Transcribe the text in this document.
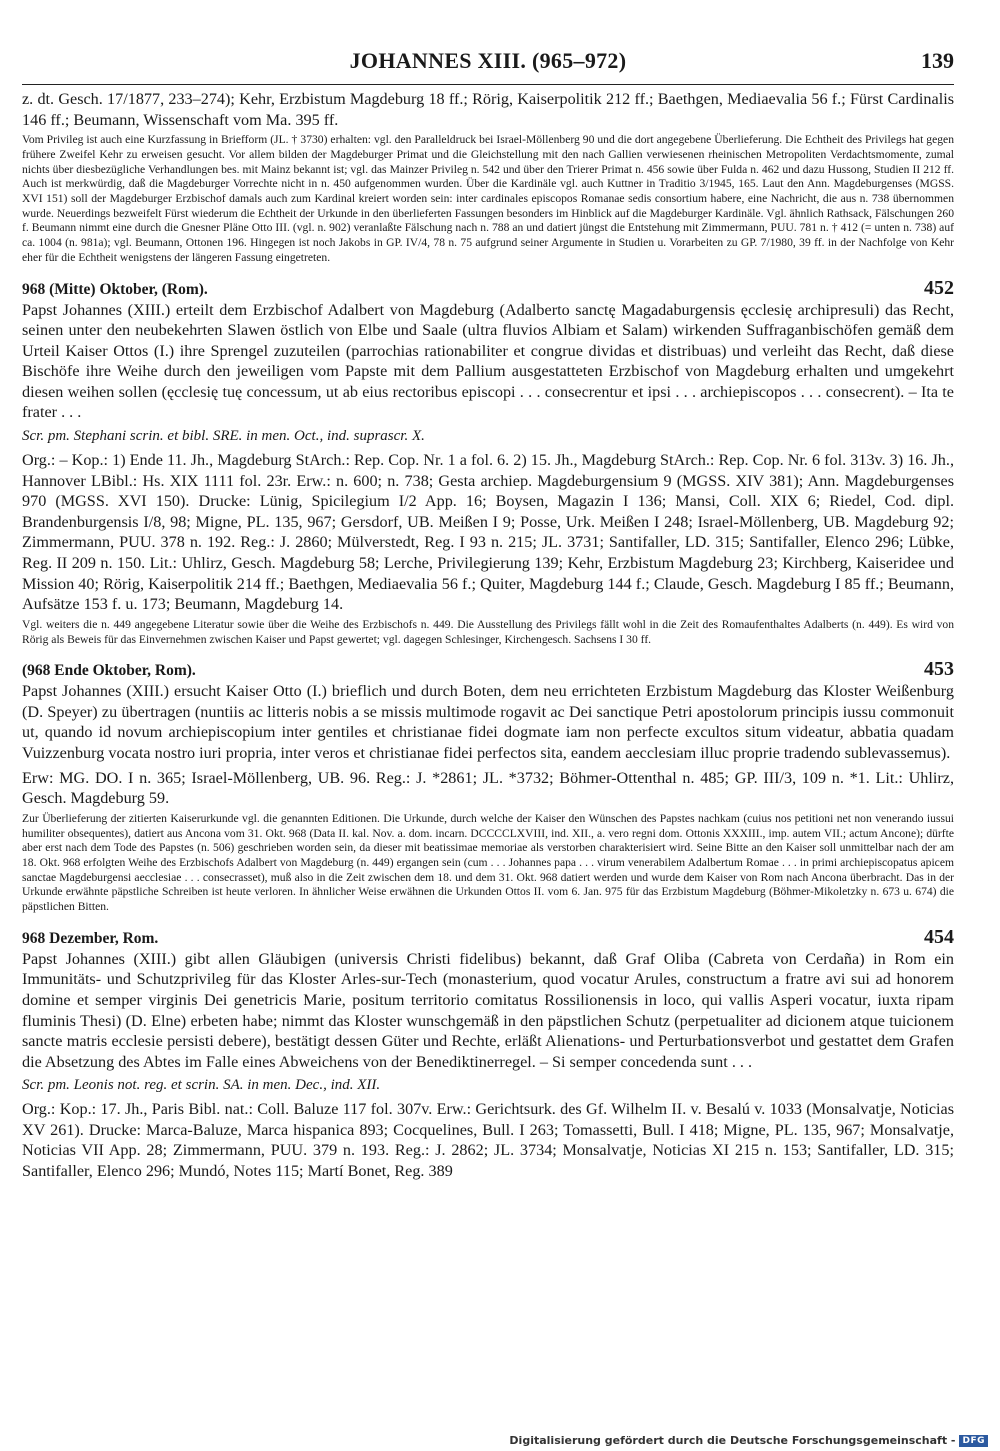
JOHANNES XIII. (965–972)	139

z. dt. Gesch. 17/1877, 233–274); Kehr, Erzbistum Magdeburg 18 ff.; Rörig, Kaiserpolitik 212 ff.; Baethgen, Mediaevalia 56 f.; Fürst Cardinalis 146 ff.; Beumann, Wissenschaft vom Ma. 395 ff.

Vom Privileg ist auch eine Kurzfassung in Briefform (JL. † 3730) erhalten: vgl. den Paralleldruck bei Israel-Möllenberg 90 und die dort angegebene Überlieferung. Die Echtheit des Privilegs hat gegen frühere Zweifel Kehr zu erweisen gesucht. Vor allem bilden der Magdeburger Primat und die Gleichstellung mit den nach Gallien verwiesenen rheinischen Metropoliten Verdachtsmomente, zumal nichts über diesbezügliche Verhandlungen bes. mit Mainz bekannt ist; vgl. das Mainzer Privileg n. 542 und über den Trierer Primat n. 456 sowie über Fulda n. 462 und dazu Hussong, Studien II 212 ff. Auch ist merkwürdig, daß die Magdeburger Vorrechte nicht in n. 450 aufgenommen wurden. Über die Kardinäle vgl. auch Kuttner in Traditio 3/1945, 165. Laut den Ann. Magdeburgenses (MGSS. XVI 151) soll der Magdeburger Erzbischof damals auch zum Kardinal kreiert worden sein: inter cardinales episcopos Romanae sedis consortium habere, eine Nachricht, die aus n. 738 übernommen wurde. Neuerdings bezweifelt Fürst wiederum die Echtheit der Urkunde in den überlieferten Fassungen besonders im Hinblick auf die Magdeburger Kardinäle. Vgl. ähnlich Rathsack, Fälschungen 260 f. Beumann nimmt eine durch die Gnesner Pläne Otto III. (vgl. n. 902) veranlaßte Fälschung nach n. 788 an und datiert jüngst die Entstehung mit Zimmermann, PUU. 781 n. † 412 (= unten n. 738) auf ca. 1004 (n. 981a); vgl. Beumann, Ottonen 196. Hingegen ist noch Jakobs in GP. IV/4, 78 n. 75 aufgrund seiner Argumente in Studien u. Vorarbeiten zu GP. 7/1980, 39 ff. in der Nachfolge von Kehr eher für die Echtheit wenigstens der längeren Fassung eingetreten.

968 (Mitte) Oktober, (Rom).	452

Papst Johannes (XIII.) erteilt dem Erzbischof Adalbert von Magdeburg (Adalberto sanctę Magadaburgensis ęcclesię archipresuli) das Recht, seinen unter den neubekehrten Slawen östlich von Elbe und Saale (ultra fluvios Albiam et Salam) wirkenden Suffraganbischöfen gemäß dem Urteil Kaiser Ottos (I.) ihre Sprengel zuzuteilen (parrochias rationabiliter et congrue dividas et distribuas) und verleiht das Recht, daß diese Bischöfe ihre Weihe durch den jeweiligen vom Papste mit dem Pallium ausgestatteten Erzbischof von Magdeburg erhalten und umgekehrt diesen weihen sollen (ęcclesię tuę concessum, ut ab eius rectoribus episcopi . . . consecrentur et ipsi . . . archiepiscopos . . . consecrent). – Ita te frater . . .

Scr. pm. Stephani scrin. et bibl. SRE. in men. Oct., ind. suprascr. X.

Org.: – Kop.: 1) Ende 11. Jh., Magdeburg StArch.: Rep. Cop. Nr. 1 a fol. 6. 2) 15. Jh., Magdeburg StArch.: Rep. Cop. Nr. 6 fol. 313v. 3) 16. Jh., Hannover LBibl.: Hs. XIX 1111 fol. 23r. Erw.: n. 600; n. 738; Gesta archiep. Magdeburgensium 9 (MGSS. XIV 381); Ann. Magdeburgenses 970 (MGSS. XVI 150). Drucke: Lünig, Spicilegium I/2 App. 16; Boysen, Magazin I 136; Mansi, Coll. XIX 6; Riedel, Cod. dipl. Brandenburgensis I/8, 98; Migne, PL. 135, 967; Gersdorf, UB. Meißen I 9; Posse, Urk. Meißen I 248; Israel-Möllenberg, UB. Magdeburg 92; Zimmermann, PUU. 378 n. 192. Reg.: J. 2860; Mülverstedt, Reg. I 93 n. 215; JL. 3731; Santifaller, LD. 315; Santifaller, Elenco 296; Lübke, Reg. II 209 n. 150. Lit.: Uhlirz, Gesch. Magdeburg 58; Lerche, Privilegierung 139; Kehr, Erzbistum Magdeburg 23; Kirchberg, Kaiseridee und Mission 40; Rörig, Kaiserpolitik 214 ff.; Baethgen, Mediaevalia 56 f.; Quiter, Magdeburg 144 f.; Claude, Gesch. Magdeburg I 85 ff.; Beumann, Aufsätze 153 f. u. 173; Beumann, Magdeburg 14.

Vgl. weiters die n. 449 angegebene Literatur sowie über die Weihe des Erzbischofs n. 449. Die Ausstellung des Privilegs fällt wohl in die Zeit des Romaufenthaltes Adalberts (n. 449). Es wird von Rörig als Beweis für das Einvernehmen zwischen Kaiser und Papst gewertet; vgl. dagegen Schlesinger, Kirchengesch. Sachsens I 30 ff.

(968 Ende Oktober, Rom).	453

Papst Johannes (XIII.) ersucht Kaiser Otto (I.) brieflich und durch Boten, dem neu errichteten Erzbistum Magdeburg das Kloster Weißenburg (D. Speyer) zu übertragen (nuntiis ac litteris nobis a se missis multimode rogavit ac Dei sanctique Petri apostolorum principis iussu commonuit ut, quando id novum archiepiscopium inter gentiles et christianae fidei dogmate iam non perfecte excultos situm videatur, abbatia quadam Vuizzenburg vocata nostro iuri propria, inter veros et christianae fidei perfectos sita, eandem aecclesiam illuc proprie tradendo sublevassemus).

Erw: MG. DO. I n. 365; Israel-Möllenberg, UB. 96. Reg.: J. *2861; JL. *3732; Böhmer-Ottenthal n. 485; GP. III/3, 109 n. *1. Lit.: Uhlirz, Gesch. Magdeburg 59.

Zur Überlieferung der zitierten Kaiserurkunde vgl. die genannten Editionen. Die Urkunde, durch welche der Kaiser den Wünschen des Papstes nachkam (cuius nos petitioni net non venerando iussui humiliter obsequentes), datiert aus Ancona vom 31. Okt. 968 (Data II. kal. Nov. a. dom. incarn. DCCCCLXVIII, ind. XII., a. vero regni dom. Ottonis XXXIII., imp. autem VII.; actum Ancone); dürfte aber erst nach dem Tode des Papstes (n. 506) geschrieben worden sein, da dieser mit beatissimae memoriae als verstorben charakterisiert wird. Seine Bitte an den Kaiser soll unmittelbar nach der am 18. Okt. 968 erfolgten Weihe des Erzbischofs Adalbert von Magdeburg (n. 449) ergangen sein (cum . . . Johannes papa . . . virum venerabilem Adalbertum Romae . . . in primi archiepiscopatus apicem sanctae Magdeburgensi aecclesiae . . . consecrasset), muß also in die Zeit zwischen dem 18. und dem 31. Okt. 968 datiert werden und wurde dem Kaiser von Rom nach Ancona überbracht. Das in der Urkunde erwähnte päpstliche Schreiben ist heute verloren. In ähnlicher Weise erwähnen die Urkunden Ottos II. vom 6. Jan. 975 für das Erzbistum Magdeburg (Böhmer-Mikoletzky n. 673 u. 674) die päpstlichen Bitten.

968 Dezember, Rom.	454

Papst Johannes (XIII.) gibt allen Gläubigen (universis Christi fidelibus) bekannt, daß Graf Oliba (Cabreta von Cerdaña) in Rom ein Immunitäts- und Schutzprivileg für das Kloster Arles-sur-Tech (monasterium, quod vocatur Arules, constructum a fratre avi sui ad honorem domine et semper virginis Dei genetricis Marie, positum territorio comitatus Rossilionensis in loco, qui vallis Asperi vocatur, iuxta ripam fluminis Thesi) (D. Elne) erbeten habe; nimmt das Kloster wunschgemäß in den päpstlichen Schutz (perpetualiter ad dicionem atque tuicionem sancte matris ecclesie persisti debere), bestätigt dessen Güter und Rechte, erläßt Alienations- und Perturbationsverbot und gestattet dem Grafen die Absetzung des Abtes im Falle eines Abweichens von der Benediktinerregel. – Si semper concedenda sunt . . .

Scr. pm. Leonis not. reg. et scrin. SA. in men. Dec., ind. XII.

Org.: Kop.: 17. Jh., Paris Bibl. nat.: Coll. Baluze 117 fol. 307v. Erw.: Gerichtsurk. des Gf. Wilhelm II. v. Besalú v. 1033 (Monsalvatje, Noticias XV 261). Drucke: Marca-Baluze, Marca hispanica 893; Cocquelines, Bull. I 263; Tomassetti, Bull. I 418; Migne, PL. 135, 967; Monsalvatje, Noticias VII App. 28; Zimmermann, PUU. 379 n. 193. Reg.: J. 2862; JL. 3734; Monsalvatje, Noticias XI 215 n. 153; Santifaller, LD. 315; Santifaller, Elenco 296; Mundó, Notes 115; Martí Bonet, Reg. 389

Digitalisierung gefördert durch die Deutsche Forschungsgemeinschaft - DFG
